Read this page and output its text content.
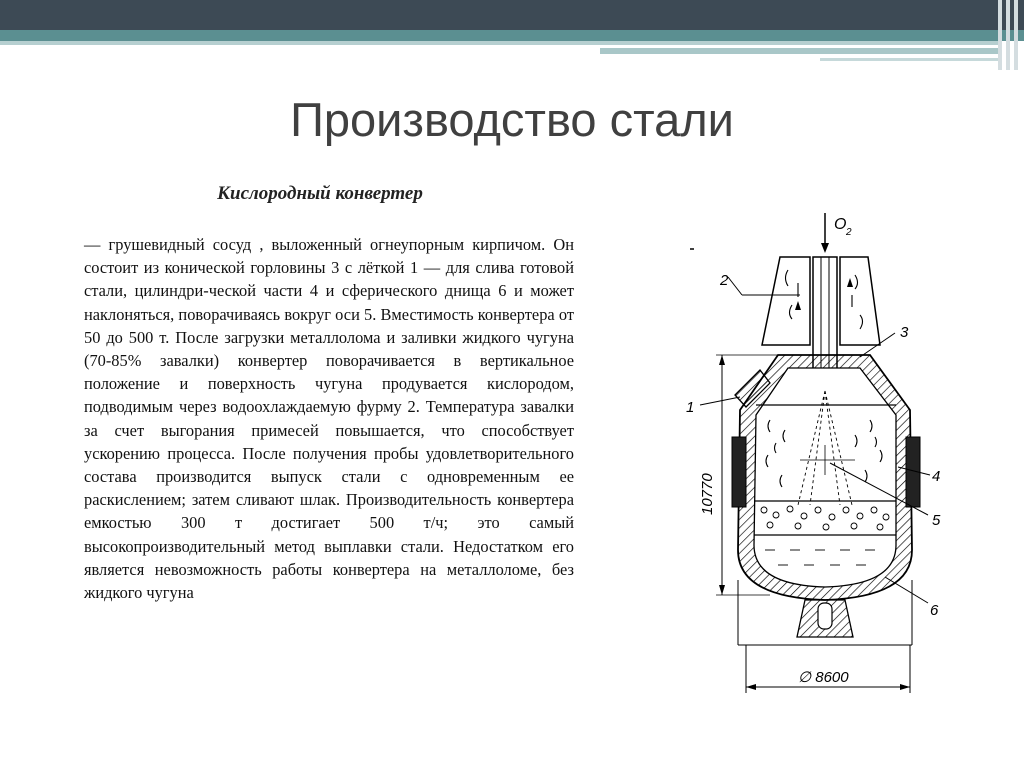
Производство стали
Кислородный конвертер
— грушевидный сосуд , выложенный огнеупорным кирпичом. Он состоит из конической горловины 3 с лёткой 1 — для слива готовой стали, цилиндри-ческой части 4 и сферического днища 6 и может наклоняться, поворачиваясь вокруг оси 5. Вместимость конвертера от 50 до 500 т. После загрузки металлолома и заливки жидкого чугуна (70-85% завалки) конвертер поворачивается в вертикальное положение и поверхность чугуна продувается кислородом, подводимым через водоохлаждаемую фурму 2. Температура завалки за счет выгорания примесей повышается, что способствует ускорению процесса. После получения пробы удовлетворительного состава производится выпуск стали с одновременным ее раскислением; затем сливают шлак. Производительность конвертера емкостью 300 т достигает 500 т/ч; это самый высокопроизводительный метод выплавки стали. Недостатком его является невозможность работы конвертера на металлоломе, без жидкого чугуна
O 2
10770
∅ 8600
2
3
1
4
5
6
